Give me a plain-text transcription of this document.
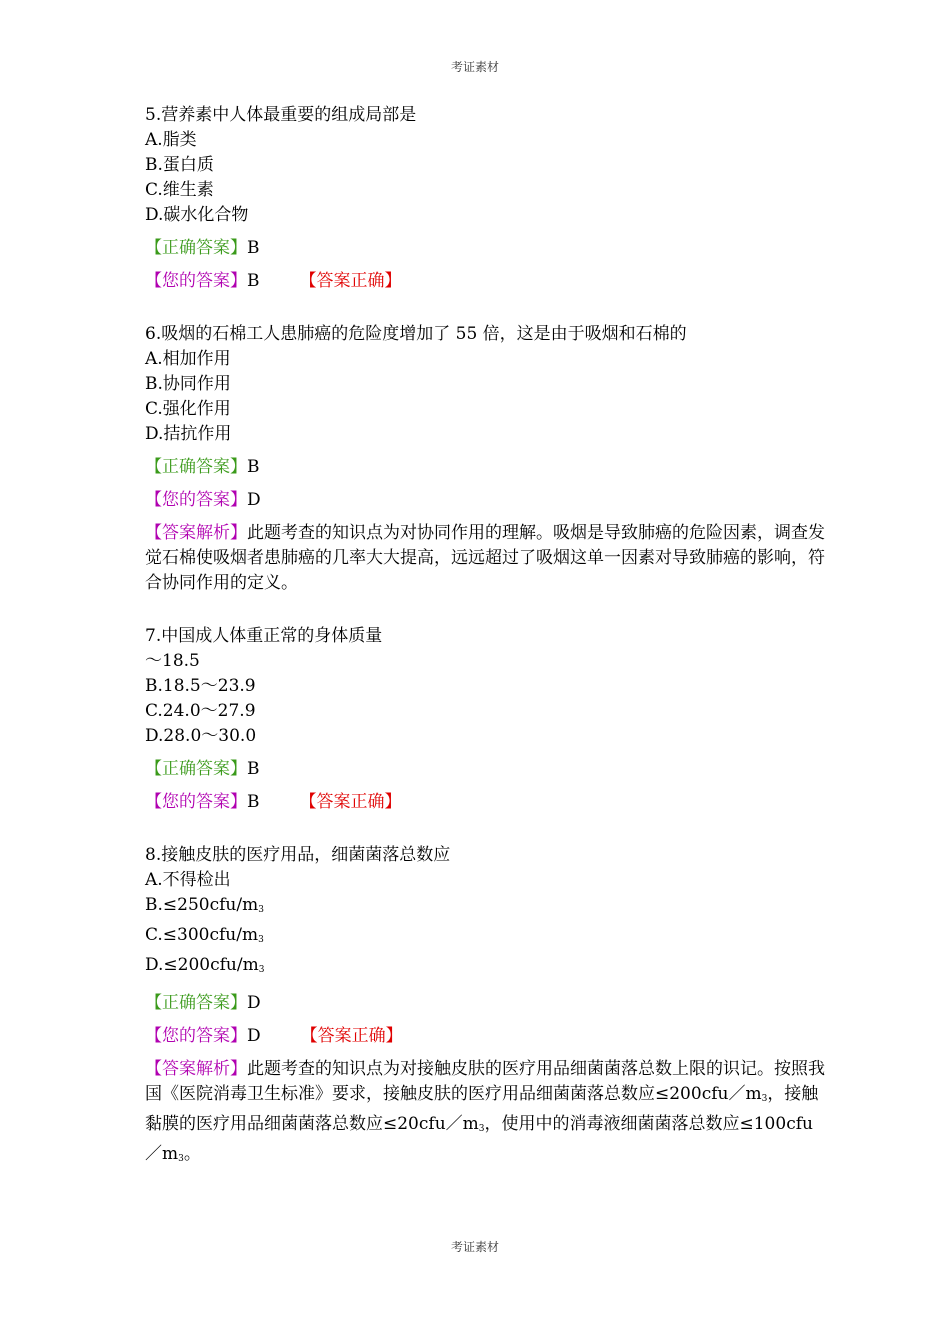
考证素材
5.营养素中人体最重要的组成局部是
A.脂类
B.蛋白质
C.维生素
D.碳水化合物
【正确答案】B
【您的答案】B 【答案正确】
6.吸烟的石棉工人患肺癌的危险度增加了 55 倍，这是由于吸烟和石棉的
A.相加作用
B.协同作用
C.强化作用
D.拮抗作用
【正确答案】B
【您的答案】D
【答案解析】此题考查的知识点为对协同作用的理解。吸烟是导致肺癌的危险因素，调查发觉石棉使吸烟者患肺癌的几率大大提高，远远超过了吸烟这单一因素对导致肺癌的影响，符合协同作用的定义。
7.中国成人体重正常的身体质量
～18.5
B.18.5～23.9
C.24.0～27.9
D.28.0～30.0
【正确答案】B
【您的答案】B 【答案正确】
8.接触皮肤的医疗用品，细菌菌落总数应
A.不得检出
$B.\le 250cfu/m^3$
$C.\le 300cfu/m^3$
$D.\le 200cfu/m^3$
【正确答案】D
【您的答案】D 【答案正确】
【答案解析】此题考查的知识点为对接触皮肤的医疗用品细菌菌落总数上限的识记。按照我国《医院消毒卫生标准》要求，接触皮肤的医疗用品细菌菌落总数应$\le 200cfu/m^3$，接触黏膜的医疗用品细菌菌落总数应$\le 20cfu/m^3$，使用中的消毒液细菌菌落总数应$\le 100cfu/m^3$。
考证素材
